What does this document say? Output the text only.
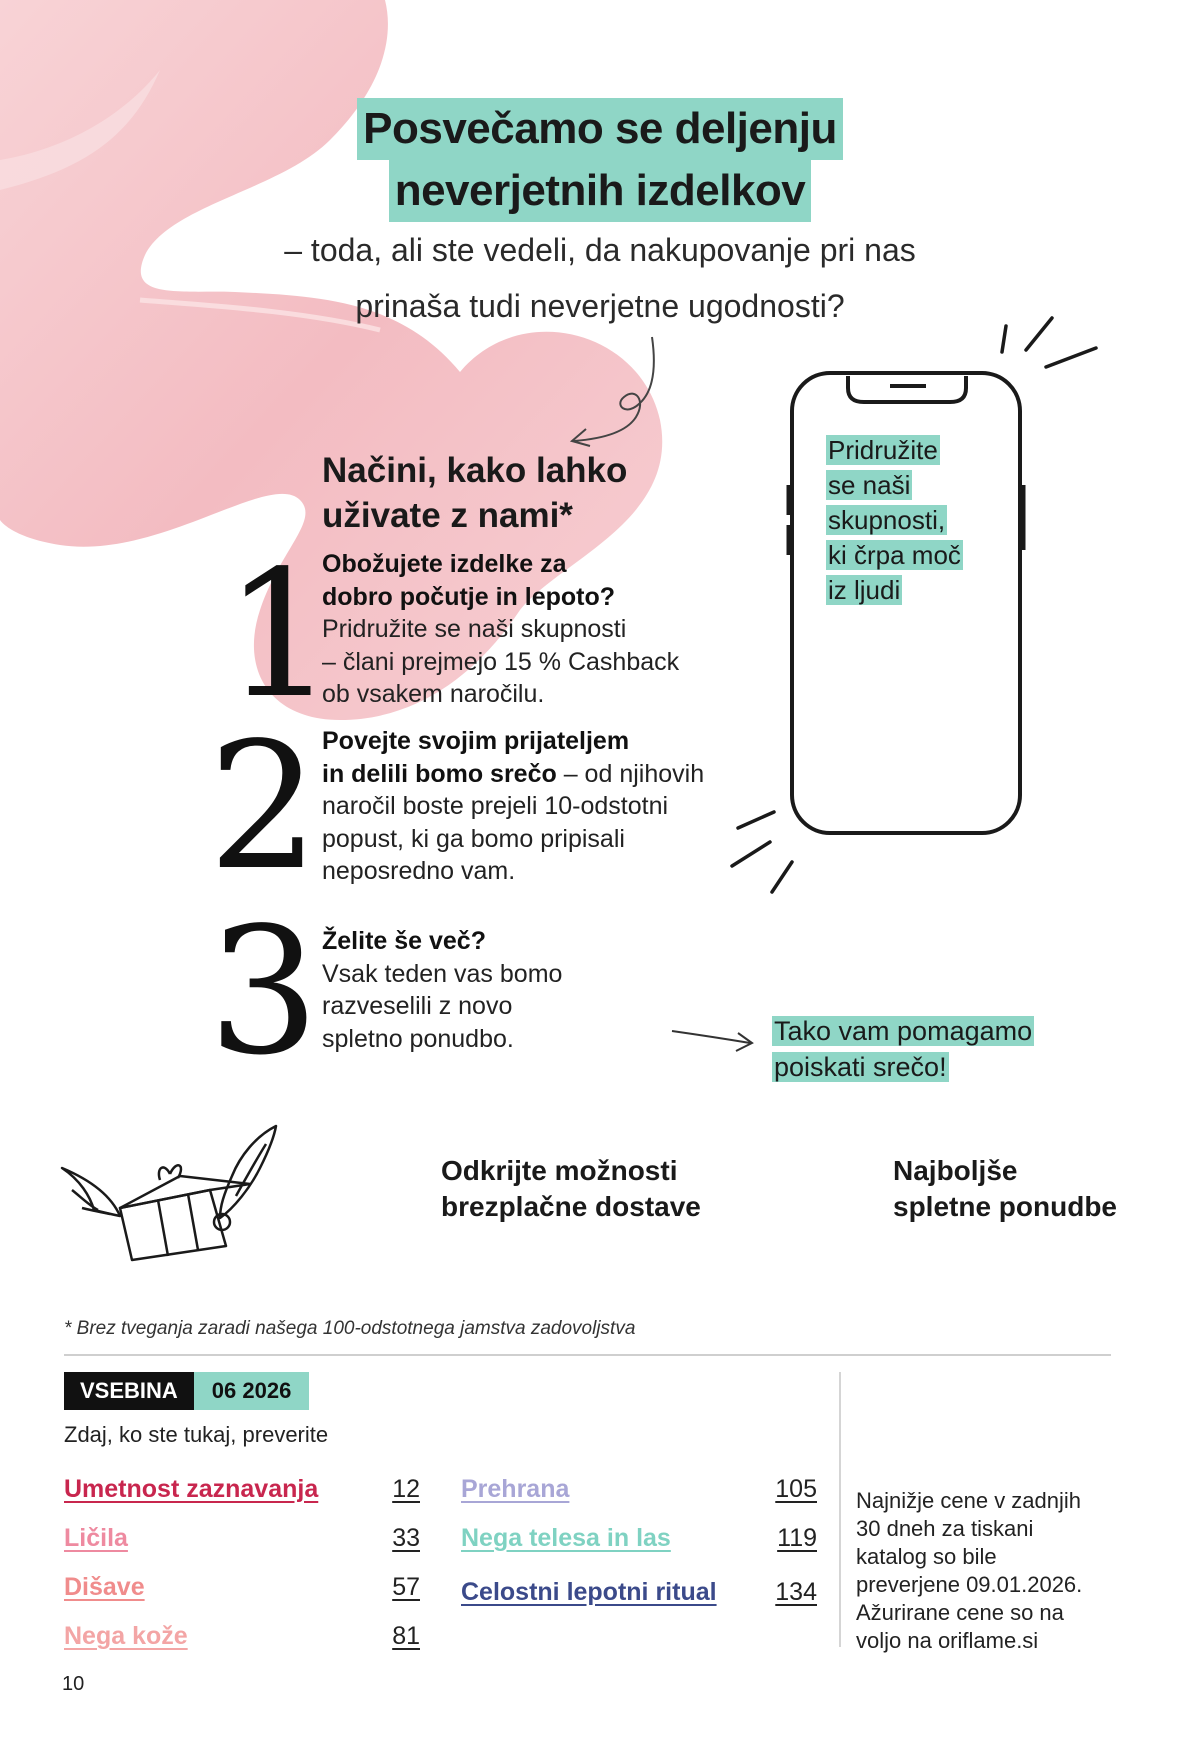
Posvečamo se deljenju
neverjetnih izdelkov
– toda, ali ste vedeli, da nakupovanje pri nas
prinaša tudi neverjetne ugodnosti?
Načini, kako lahko
uživate z nami*
1
2
3
Obožujete izdelke za
dobro počutje in lepoto?
Pridružite se naši skupnosti
– člani prejmejo 15 % Cashback
ob vsakem naročilu.
Povejte svojim prijateljem
in delili bomo srečo – od njihovih
naročil boste prejeli 10-odstotni
popust, ki ga bomo pripisali
neposredno vam.
Želite še več?
Vsak teden vas bomo
razveselili z novo
spletno ponudbo.
Pridružite
se naši
skupnosti,
ki črpa moč
iz ljudi
Tako vam pomagamo
poiskati srečo!
Odkrijte možnosti
brezplačne dostave
Najboljše
spletne ponudbe
* Brez tveganja zaradi našega 100-odstotnega jamstva zadovoljstva
VSEBINA	06 2026
Zdaj, ko ste tukaj, preverite
Umetnost zaznavanja	12
Ličila	33
Dišave	57
Nega kože	81
Prehrana	105
Nega telesa in las	119
Celostni lepotni ritual	134
Najnižje cene v zadnjih
30 dneh za tiskani
katalog so bile
preverjene 09.01.2026.
Ažurirane cene so na
voljo na oriflame.si
10
